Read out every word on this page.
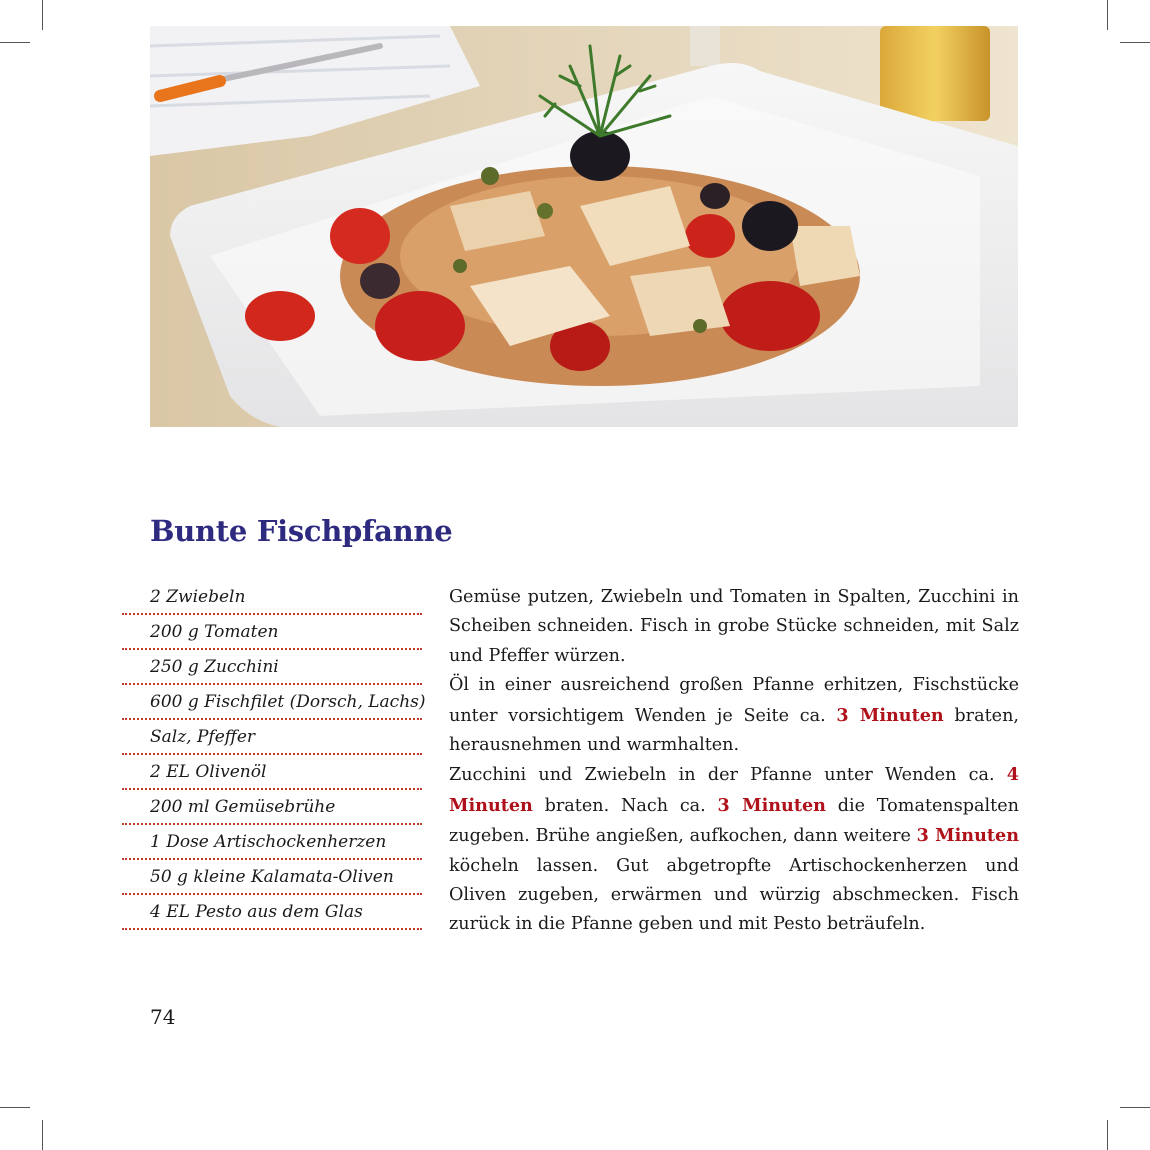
Bunte Fischpfanne
2 Zwiebeln
200 g Tomaten
250 g Zucchini
600 g Fischfilet (Dorsch, Lachs)
Salz, Pfeffer
2 EL Olivenöl
200 ml Gemüsebrühe
1 Dose Artischockenherzen
50 g kleine Kalamata-Oliven
4 EL Pesto aus dem Glas

Gemüse putzen, Zwiebeln und Tomaten in Spalten, Zucchini in Scheiben schneiden. Fisch in grobe Stücke schneiden, mit Salz und Pfeffer würzen.

Öl in einer ausreichend großen Pfanne erhitzen, Fischstücke unter vorsichtigem Wenden je Seite ca. 3 Minuten braten, herausnehmen und warmhalten.

Zucchini und Zwiebeln in der Pfanne unter Wenden ca. 4 Minuten braten. Nach ca. 3 Minuten die Tomatenspalten zugeben. Brühe angießen, aufkochen, dann weitere 3 Minuten köcheln lassen. Gut abgetropfte Artischockenherzen und Oliven zugeben, erwärmen und würzig abschmecken. Fisch zurück in die Pfanne geben und mit Pesto beträufeln.

74
